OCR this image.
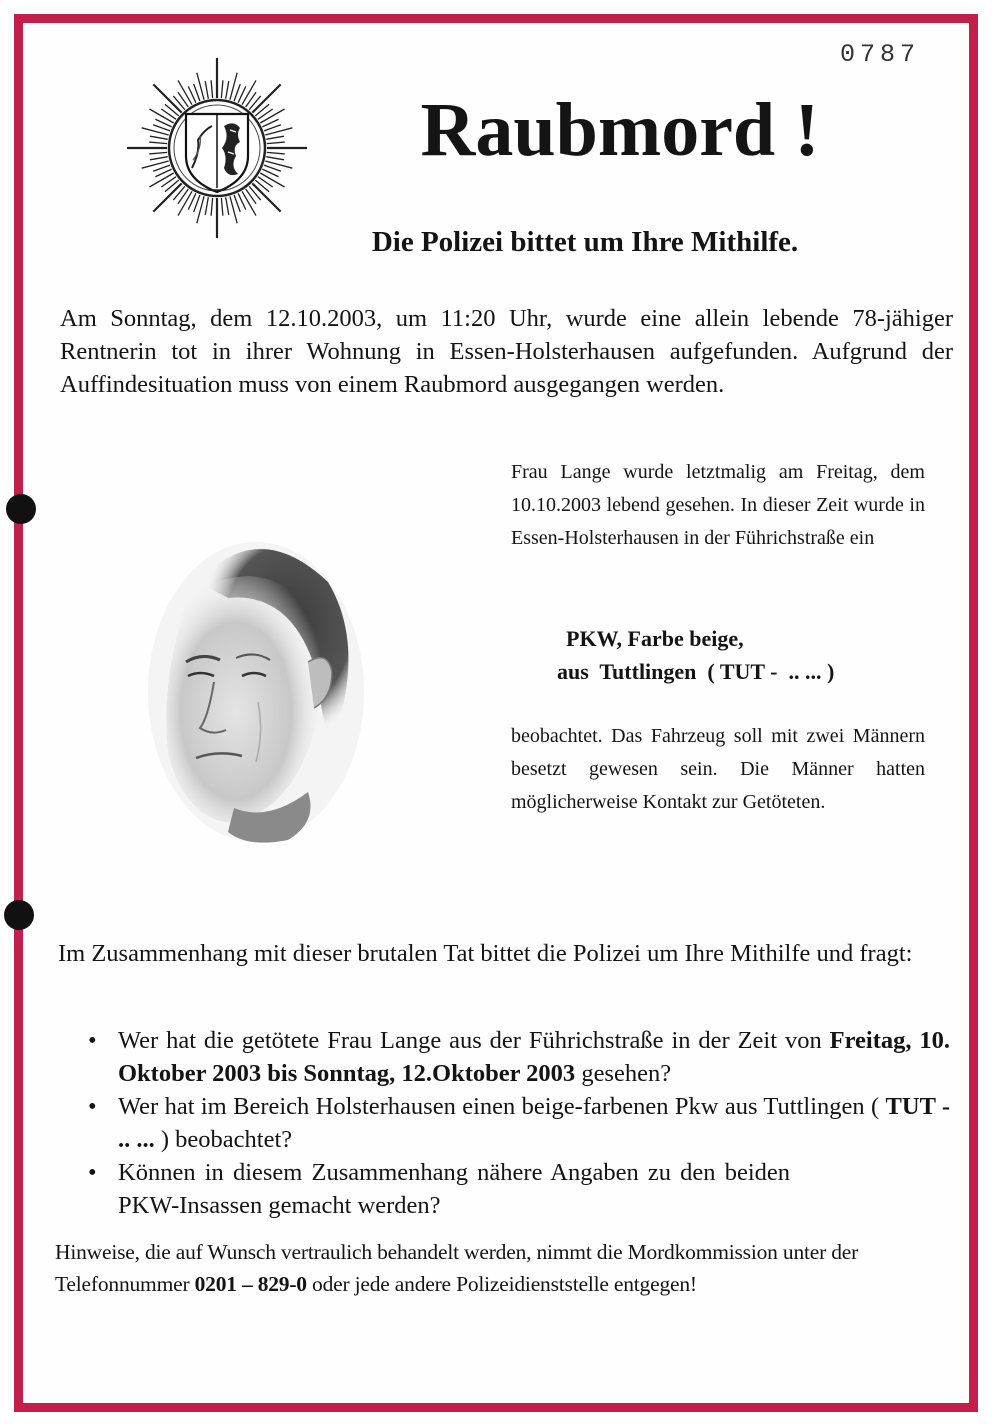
0787
Raubmord !
Die Polizei bittet um Ihre Mithilfe.

Am Sonntag, dem 12.10.2003, um 11:20 Uhr, wurde eine allein lebende 78-jähiger Rentnerin tot in ihrer Wohnung in Essen-Holsterhausen aufgefunden. Aufgrund der Auffindesituation muss von einem Raubmord ausgegangen werden.

Frau Lange wurde letztmalig am Freitag, dem 10.10.2003 lebend gesehen. In dieser Zeit wurde in Essen-Holsterhausen in der Führichstraße ein

PKW, Farbe beige,

aus  Tuttlingen  ( TUT -  .. ... )

beobachtet. Das Fahrzeug soll mit zwei Männern besetzt gewesen sein. Die Männer hatten möglicherweise Kontakt zur Getöteten.

Im Zusammenhang mit dieser brutalen Tat bittet die Polizei um Ihre Mithilfe und fragt:

• Wer hat die getötete Frau Lange aus der Führichstraße in der Zeit von Freitag, 10. Oktober 2003 bis Sonntag, 12.Oktober 2003 gesehen?
• Wer hat im Bereich Holsterhausen einen beige-farbenen Pkw aus Tuttlingen ( TUT - .. ... ) beobachtet?
• Können in diesem Zusammenhang nähere Angaben zu den beiden PKW-Insassen gemacht werden?

Hinweise, die auf Wunsch vertraulich behandelt werden, nimmt die Mordkommission unter der Telefonnummer 0201 – 829-0 oder jede andere Polizeidienststelle entgegen!
